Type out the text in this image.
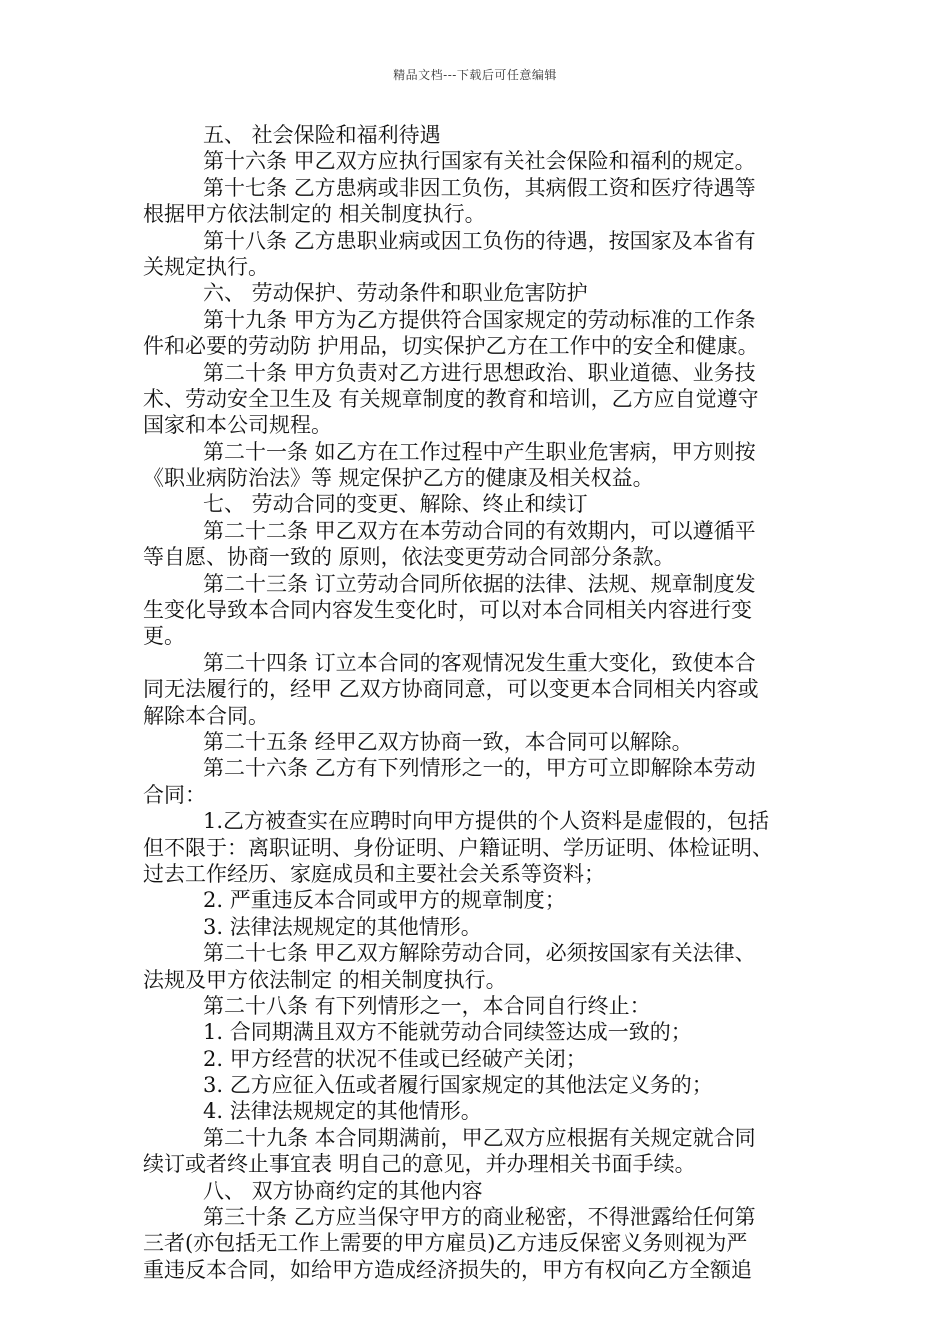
精品文档---下载后可任意编辑
五、 社会保险和福利待遇
第十六条 甲乙双方应执行国家有关社会保险和福利的规定。
第十七条 乙方患病或非因工负伤，其病假工资和医疗待遇等
根据甲方依法制定的 相关制度执行。
第十八条 乙方患职业病或因工负伤的待遇，按国家及本省有
关规定执行。
六、 劳动保护、劳动条件和职业危害防护
第十九条 甲方为乙方提供符合国家规定的劳动标准的工作条
件和必要的劳动防 护用品，切实保护乙方在工作中的安全和健康。
第二十条 甲方负责对乙方进行思想政治、职业道德、业务技
术、劳动安全卫生及 有关规章制度的教育和培训，乙方应自觉遵守
国家和本公司规程。
第二十一条 如乙方在工作过程中产生职业危害病，甲方则按
《职业病防治法》等 规定保护乙方的健康及相关权益。
七、 劳动合同的变更、解除、终止和续订
第二十二条 甲乙双方在本劳动合同的有效期内，可以遵循平
等自愿、协商一致的 原则，依法变更劳动合同部分条款。
第二十三条 订立劳动合同所依据的法律、法规、规章制度发
生变化导致本合同内容发生变化时，可以对本合同相关内容进行变
更。
第二十四条 订立本合同的客观情况发生重大变化，致使本合
同无法履行的，经甲 乙双方协商同意，可以变更本合同相关内容或
解除本合同。
第二十五条 经甲乙双方协商一致，本合同可以解除。
第二十六条 乙方有下列情形之一的，甲方可立即解除本劳动
合同：
1.乙方被查实在应聘时向甲方提供的个人资料是虚假的，包括
但不限于：离职证明、身份证明、户籍证明、学历证明、体检证明、
过去工作经历、家庭成员和主要社会关系等资料；
2. 严重违反本合同或甲方的规章制度；
3. 法律法规规定的其他情形。
第二十七条 甲乙双方解除劳动合同，必须按国家有关法律、
法规及甲方依法制定 的相关制度执行。
第二十八条 有下列情形之一，本合同自行终止：
1. 合同期满且双方不能就劳动合同续签达成一致的；
2. 甲方经营的状况不佳或已经破产关闭；
3. 乙方应征入伍或者履行国家规定的其他法定义务的；
4. 法律法规规定的其他情形。
第二十九条 本合同期满前，甲乙双方应根据有关规定就合同
续订或者终止事宜表 明自己的意见，并办理相关书面手续。
八、 双方协商约定的其他内容
第三十条 乙方应当保守甲方的商业秘密，不得泄露给任何第
三者(亦包括无工作上需要的甲方雇员)乙方违反保密义务则视为严
重违反本合同，如给甲方造成经济损失的，甲方有权向乙方全额追
